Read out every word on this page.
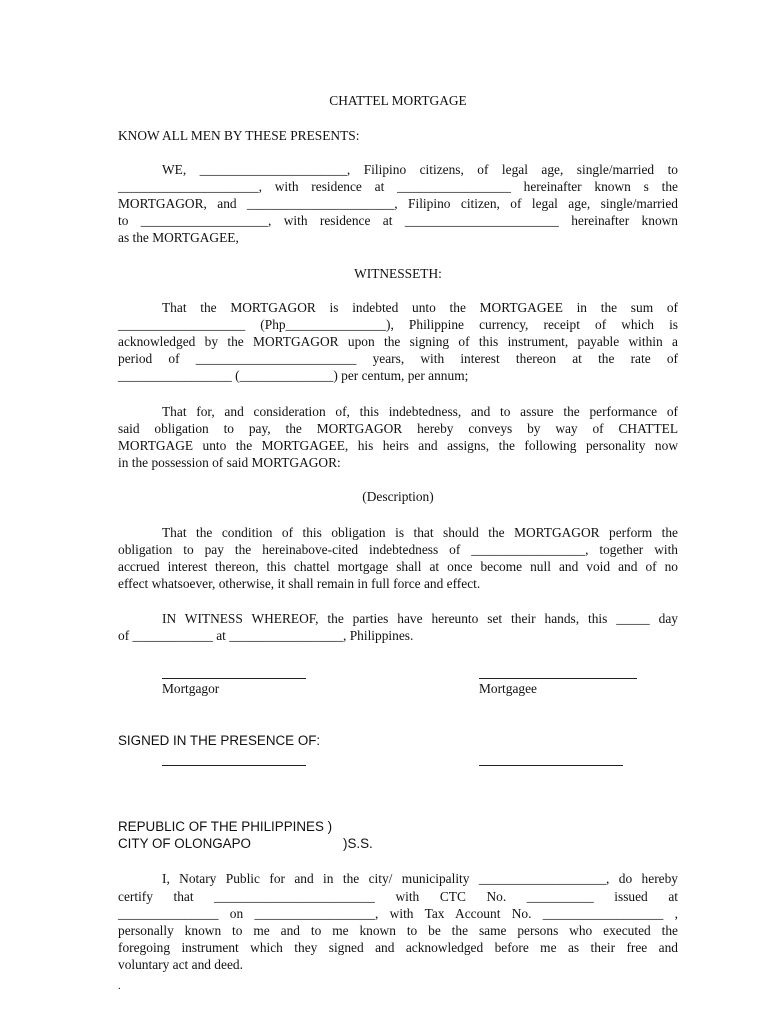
CHATTEL MORTGAGE
KNOW ALL MEN BY THESE PRESENTS:
WE, ______________________, Filipino citizens, of legal age, single/married to
_____________________, with residence at _________________ hereinafter known s the
MORTGAGOR, and ______________________, Filipino citizen, of legal age, single/married
to ___________________, with residence at _______________________ hereinafter known
as the MORTGAGEE,
WITNESSETH:
That the MORTGAGOR is indebted unto the MORTGAGEE in the sum of
___________________ (Php_______________), Philippine currency, receipt of which is
acknowledged by the MORTGAGOR upon the signing of this instrument, payable within a
period of ________________________ years, with interest thereon at the rate of
_________________ (______________) per centum, per annum;
That for, and consideration of, this indebtedness, and to assure the performance of
said obligation to pay, the MORTGAGOR hereby conveys by way of CHATTEL
MORTGAGE unto the MORTGAGEE, his heirs and assigns, the following personality now
in the possession of said MORTGAGOR:
(Description)
That the condition of this obligation is that should the MORTGAGOR perform the
obligation to pay the hereinabove-cited indebtedness of _________________, together with
accrued interest thereon, this chattel mortgage shall at once become null and void and of no
effect whatsoever, otherwise, it shall remain in full force and effect.
IN WITNESS WHEREOF, the parties have hereunto set their hands, this _____ day
of ____________ at _________________, Philippines.
Mortgagor	Mortgagee
SIGNED IN THE PRESENCE OF:
REPUBLIC OF THE PHILIPPINES )
CITY OF OLONGAPO	)S.S.
I, Notary Public for and in the city/ municipality ___________________, do hereby
certify that ________________________ with CTC No. __________ issued at
_______________ on __________________, with Tax Account No. __________________ ,
personally known to me and to me known to be the same persons who executed the
foregoing instrument which they signed and acknowledged before me as their free and
voluntary act and deed.
.
